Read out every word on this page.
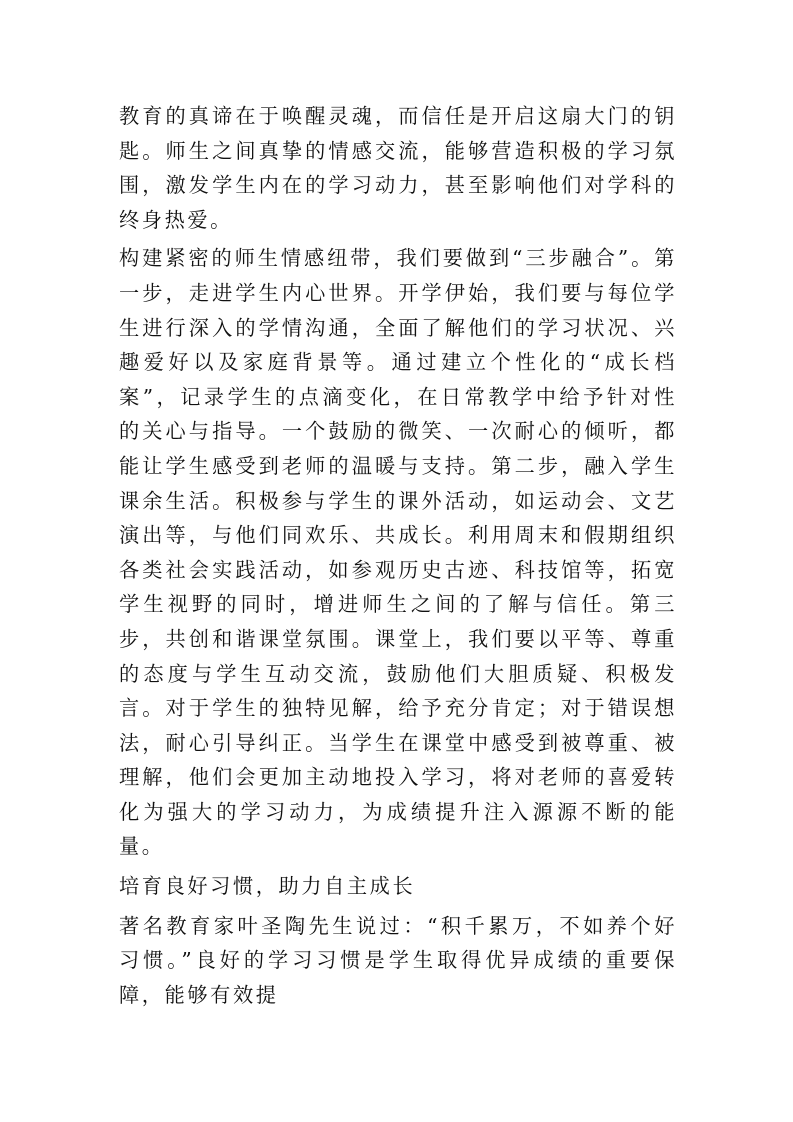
教育的真谛在于唤醒灵魂，而信任是开启这扇大门的钥匙。师生之间真挚的情感交流，能够营造积极的学习氛围，激发学生内在的学习动力，甚至影响他们对学科的终身热爱。

构建紧密的师生情感纽带，我们要做到“三步融合”。第一步，走进学生内心世界。开学伊始，我们要与每位学生进行深入的学情沟通，全面了解他们的学习状况、兴趣爱好以及家庭背景等。通过建立个性化的“成长档案”，记录学生的点滴变化，在日常教学中给予针对性的关心与指导。一个鼓励的微笑、一次耐心的倾听，都能让学生感受到老师的温暖与支持。第二步，融入学生课余生活。积极参与学生的课外活动，如运动会、文艺演出等，与他们同欢乐、共成长。利用周末和假期组织各类社会实践活动，如参观历史古迹、科技馆等，拓宽学生视野的同时，增进师生之间的了解与信任。第三步，共创和谐课堂氛围。课堂上，我们要以平等、尊重的态度与学生互动交流，鼓励他们大胆质疑、积极发言。对于学生的独特见解，给予充分肯定；对于错误想法，耐心引导纠正。当学生在课堂中感受到被尊重、被理解，他们会更加主动地投入学习，将对老师的喜爱转化为强大的学习动力，为成绩提升注入源源不断的能量。

培育良好习惯，助力自主成长

著名教育家叶圣陶先生说过：“积千累万，不如养个好习惯。”良好的学习习惯是学生取得优异成绩的重要保障，能够有效提
